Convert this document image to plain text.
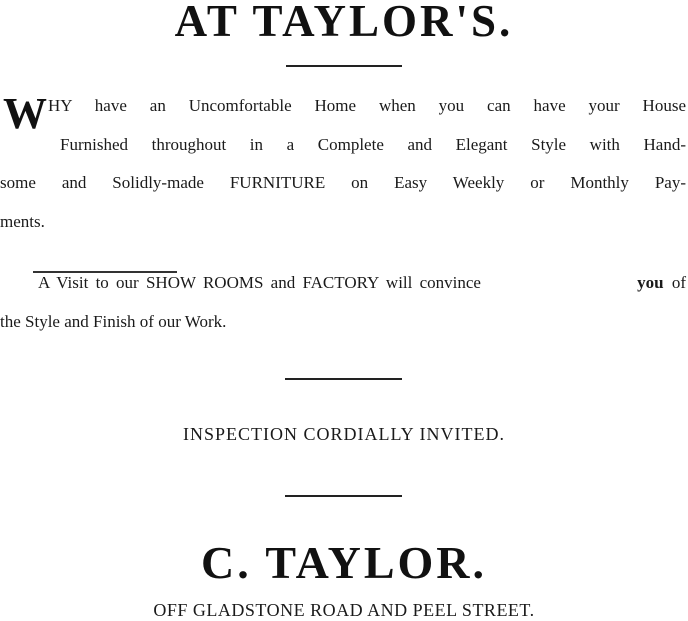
AT TAYLOR'S.
W HY have an Uncomfortable Home when you can have your House
Furnished throughout in a Complete and Elegant Style with Hand-
some and Solidly-made FURNITURE on Easy Weekly or Monthly Pay-
ments.
A Visit to our SHOW ROOMS and FACTORY will convince	you of
the Style and Finish of our Work.
INSPECTION CORDIALLY INVITED.
C. TAYLOR.
OFF GLADSTONE ROAD AND PEEL STREET.
